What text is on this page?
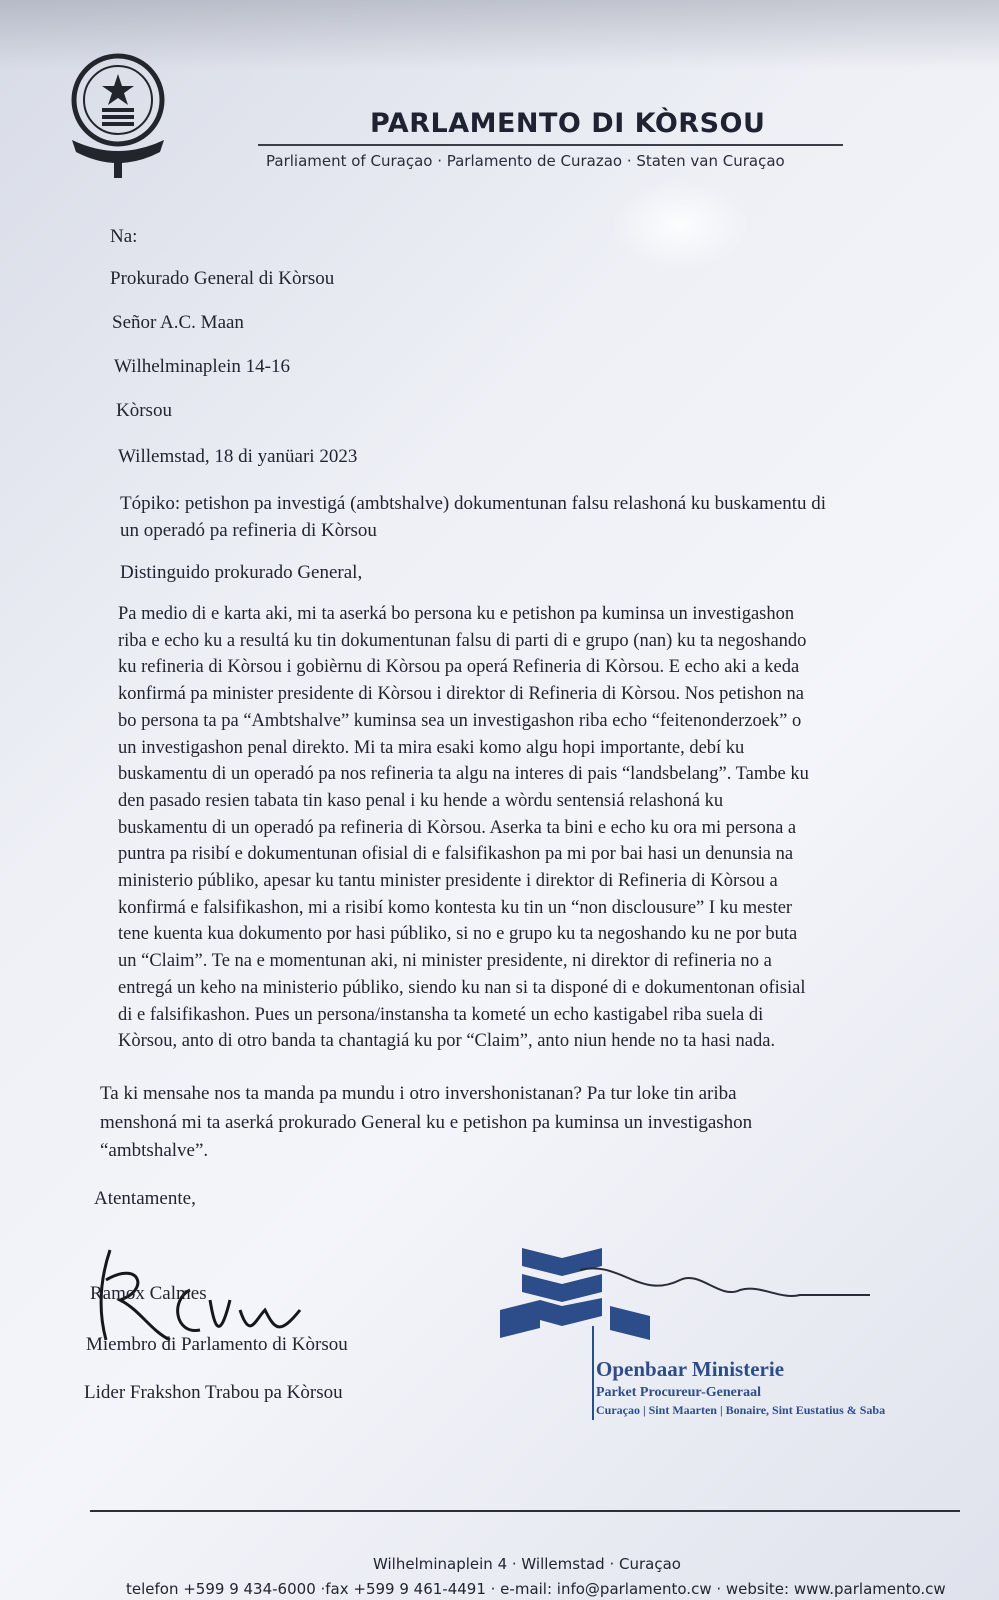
PARLAMENTO DI KÒRSOU
Parliament of Curaçao · Parlamento de Curazao · Staten van Curaçao
Na:
Prokurado General di Kòrsou
Señor A.C. Maan
Wilhelminaplein 14-16
Kòrsou
Willemstad, 18 di yanüari 2023
Tópiko: petishon pa investigá (ambtshalve) dokumentunan falsu relashoná ku buskamentu di
un operadó pa refineria di Kòrsou
Distinguido prokurado General,
Pa medio di e karta aki, mi ta aserká bo persona ku e petishon pa kuminsa un investigashon
riba e echo ku a resultá ku tin dokumentunan falsu di parti di e grupo (nan) ku ta negoshando
ku refineria di Kòrsou i gobièrnu di Kòrsou pa operá Refineria di Kòrsou. E echo aki a keda
konfirmá pa minister presidente di Kòrsou i direktor di Refineria di Kòrsou. Nos petishon na
bo persona ta pa “Ambtshalve” kuminsa sea un investigashon riba echo “feitenonderzoek” o
un investigashon penal direkto. Mi ta mira esaki komo algu hopi importante, debí ku
buskamentu di un operadó pa nos refineria ta algu na interes di pais “landsbelang”. Tambe ku
den pasado resien tabata tin kaso penal i ku hende a wòrdu sentensiá relashoná ku
buskamentu di un operadó pa refineria di Kòrsou. Aserka ta bini e echo ku ora mi persona a
puntra pa risibí e dokumentunan ofisial di e falsifikashon pa mi por bai hasi un denunsia na
ministerio públiko, apesar ku tantu minister presidente i direktor di Refineria di Kòrsou a
konfirmá e falsifikashon, mi a risibí komo kontesta ku tin un “non disclousure” I ku mester
tene kuenta kua dokumento por hasi públiko, si no e grupo ku ta negoshando ku ne por buta
un “Claim”. Te na e momentunan aki, ni minister presidente, ni direktor di refineria no a
entregá un keho na ministerio públiko, siendo ku nan si ta disponé di e dokumentonan ofisial
di e falsifikashon. Pues un persona/instansha ta kometé un echo kastigabel riba suela di
Kòrsou, anto di otro banda ta chantagiá ku por “Claim”, anto niun hende no ta hasi nada.
Ta ki mensahe nos ta manda pa mundu i otro invershonistanan? Pa tur loke tin ariba
menshoná mi ta aserká prokurado General ku e petishon pa kuminsa un investigashon
“ambtshalve”.
Atentamente,
Ramox Calmes
Miembro di Parlamento di Kòrsou
Lider Frakshon Trabou pa Kòrsou
Openbaar Ministerie
Parket Procureur-Generaal
Curaçao | Sint Maarten | Bonaire, Sint Eustatius & Saba
Wilhelminaplein 4 · Willemstad · Curaçao
telefon +599 9 434-6000 ·fax +599 9 461-4491 · e-mail: info@parlamento.cw · website: www.parlamento.cw
